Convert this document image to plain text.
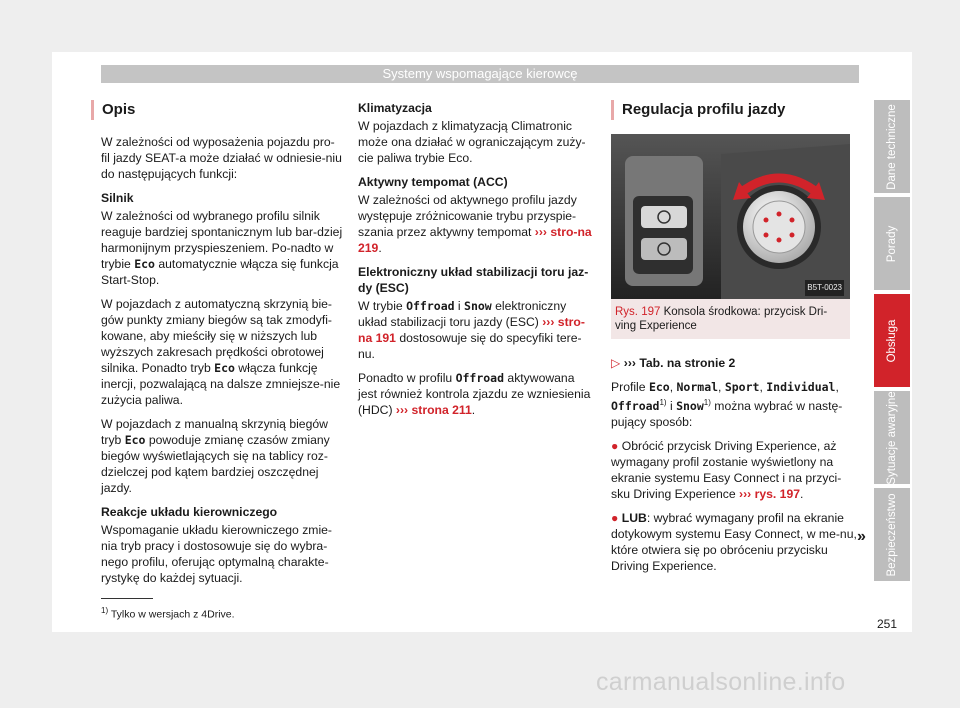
Systemy wspomagające kierowcę
Opis

W zależności od wyposażenia pojazdu pro-fil jazdy SEAT-a może działać w odniesie-niu do następujących funkcji:

Silnik

W zależności od wybranego profilu silnik reaguje bardziej spontanicznym lub bar-dziej harmonijnym przyspieszeniem. Po-nadto w trybie Eco automatycznie włącza się funkcja Start-Stop.

W pojazdach z automatyczną skrzynią bie-gów punkty zmiany biegów są tak zmodyfi-kowane, aby mieściły się w niższych lub wyższych zakresach prędkości obrotowej silnika. Ponadto tryb Eco włącza funkcję inercji, pozwalającą na dalsze zmniejsze-nie zużycia paliwa.

W pojazdach z manualną skrzynią biegów tryb Eco powoduje zmianę czasów zmiany biegów wyświetlających się na tablicy roz-dzielczej pod kątem bardziej oszczędnej jazdy.

Reakcje układu kierowniczego

Wspomaganie układu kierowniczego zmie-nia tryb pracy i dostosowuje się do wybra-nego profilu, oferując optymalną charakte-rystykę do każdej sytuacji.

Klimatyzacja

W pojazdach z klimatyzacją Climatronic może ona działać w ograniczającym zuży-cie paliwa trybie Eco.

Aktywny tempomat (ACC)

W zależności od aktywnego profilu jazdy występuje zróżnicowanie trybu przyspie-szania przez aktywny tempomat ››› stro-na 219.

Elektroniczny układ stabilizacji toru jaz-dy (ESC)

W trybie Offroad i Snow elektroniczny układ stabilizacji toru jazdy (ESC) ››› stro-na 191 dostosowuje się do specyfiki tere-nu.

Ponadto w profilu Offroad aktywowana jest również kontrola zjazdu ze wzniesienia (HDC) ››› strona 211.

Regulacja profilu jazdy
B5T-0023
Rys. 197 Konsola środkowa: przycisk Dri-ving Experience

▷ ››› Tab. na stronie 2

Profile Eco, Normal, Sport, Individual,
Offroad$^{1)}$ i Snow$^{1)}$ można wybrać w nastę-pujący sposób:

● Obrócić przycisk Driving Experience, aż wymagany profil zostanie wyświetlony na ekranie systemu Easy Connect i na przyci-sku Driving Experience ››› rys. 197.

● LUB: wybrać wymagany profil na ekranie dotykowym systemu Easy Connect, w me-nu, które otwiera się po obróceniu przycisku Driving Experience.

»
Dane techniczne
Porady
Obsługa
Sytuacje awaryjne
Bezpieczeństwo
$^{1)}$ Tylko w wersjach z 4Drive.
251
carmanualsonline.info
